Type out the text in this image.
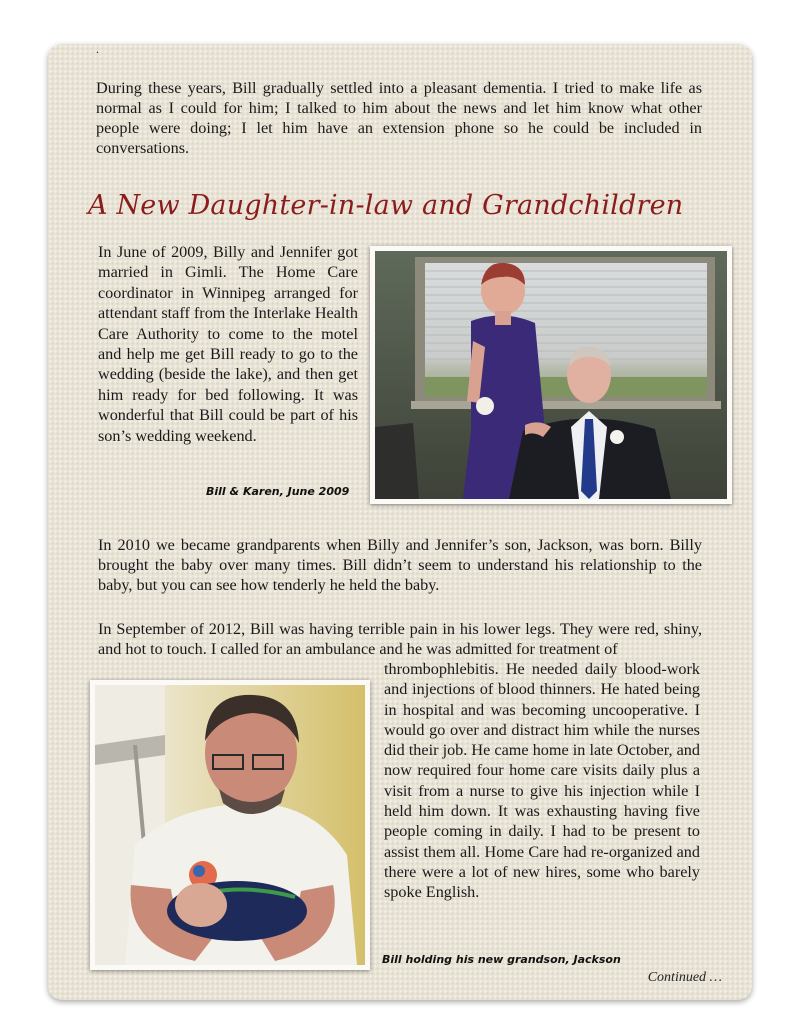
.

During these years, Bill gradually settled into a pleasant dementia. I tried to make life as normal as I could for him; I talked to him about the news and let him know what other people were doing; I let him have an extension phone so he could be included in conversations.

A New Daughter-in-law and Grandchildren

In June of 2009, Billy and Jennifer got married in Gimli. The Home Care coordinator in Winnipeg arranged for attendant staff from the Interlake Health Care Authority to come to the motel and help me get Bill ready to go to the wedding (beside the lake), and then get him ready for bed following. It was wonderful that Bill could be part of his son’s wedding weekend.

Bill & Karen, June 2009

In 2010 we became grandparents when Billy and Jennifer’s son, Jackson, was born. Billy brought the baby over many times. Bill didn’t seem to understand his relationship to the baby, but you can see how tenderly he held the baby.

In September of 2012, Bill was having terrible pain in his lower legs. They were red, shiny, and hot to touch. I called for an ambulance and he was admitted for treatment of

thrombophlebitis. He needed daily blood-work and injections of blood thinners. He hated being in hospital and was becoming uncooperative. I would go over and distract him while the nurses did their job. He came home in late October, and now required four home care visits daily plus a visit from a nurse to give his injection while I held him down. It was exhausting having five people coming in daily. I had to be present to assist them all. Home Care had re-organized and there were a lot of new hires, some who barely spoke English.

Bill holding his new grandson, Jackson
Continued …
